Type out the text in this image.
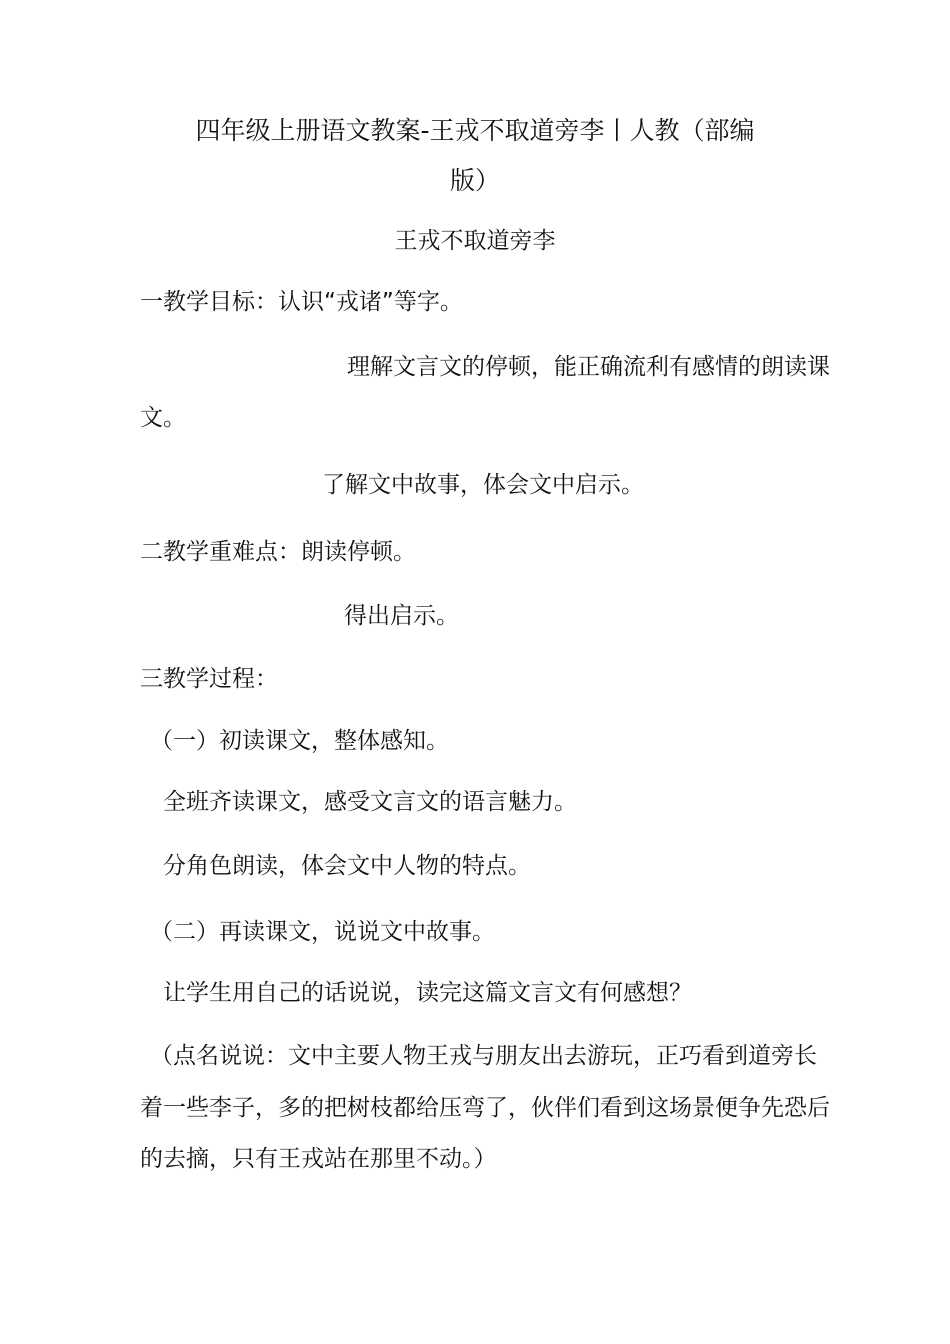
四年级上册语文教案-王戎不取道旁李丨人教（部编
版）
王戎不取道旁李
一教学目标：认识“戎诸”等字。
理解文言文的停顿，能正确流利有感情的朗读课
文。
了解文中故事，体会文中启示。
二教学重难点：朗读停顿。
得出启示。
三教学过程：
（一）初读课文，整体感知。
全班齐读课文，感受文言文的语言魅力。
分角色朗读，体会文中人物的特点。
（二）再读课文，说说文中故事。
让学生用自己的话说说，读完这篇文言文有何感想？
（点名说说：文中主要人物王戎与朋友出去游玩，正巧看到道旁长
着一些李子，多的把树枝都给压弯了，伙伴们看到这场景便争先恐后
的去摘，只有王戎站在那里不动。）
